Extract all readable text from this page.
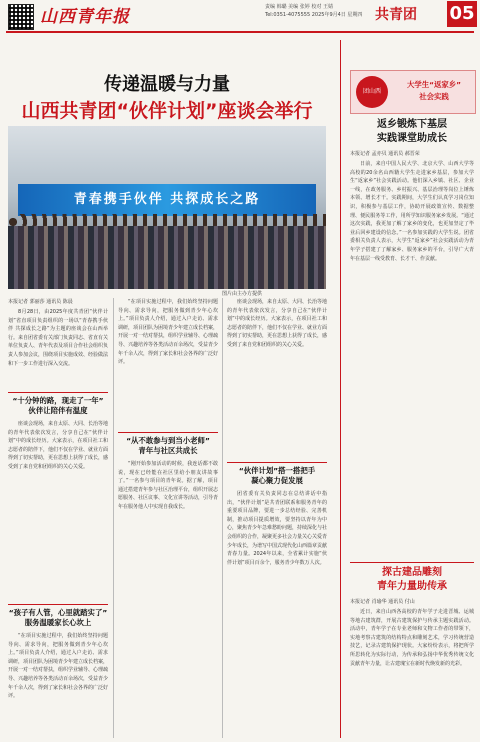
山西青年报	责编 韩璐 美编 张婷 校对 王婧
Tel:0351-4075555 2025年9月4日 星期四 共青团 05
传递温暖与力量
山西共青团“伙伴计划”座谈会举行
青春携手伙伴 共探成长之路
图片由主办方提供
本报记者 郭丽莎 通讯员 陈晨
8月28日，由2025年度共青团“伙伴计划”省直项目负责组织的一场以“青春携手伙伴 共探成长之路”为主题的座谈会在山西举行。来自团省委有关部门负责同志、省直有关单位负责人、青年代表及项目合作社会组织负责人参加会议，围绕项目实施成效、经验做法和下一步工作进行深入交流。
“十分钟的路，现走了一年”
伙伴让陪伴有温度
座谈会现场，来自太原、大同、长治等地的青年代表依次发言，分享自己在“伙伴计划”中的成长经历。大家表示，在项目社工和志愿者的陪伴下，他们不仅在学业、就业方面得到了切实帮助，更在思想上获得了成长，感受到了来自党和团组织的关心关爱。
“孩子有人管，心里就踏实了”
服务温暖家长心坎上
“在项目实施过程中，我们始终坚持问题导向、需求导向，把服务做到青少年心坎上。”项目负责人介绍，通过入户走访、需求调研，项目团队为困境青少年建立成长档案，开展一对一结对帮扶，组织学业辅导、心理疏导、兴趣培养等各类活动百余场次，受益青少年千余人次，得到了家长和社会各界的广泛好评。
“在项目实施过程中，我们始终坚持问题导向、需求导向，把服务做到青少年心坎上。”项目负责人介绍，通过入户走访、需求调研，项目团队为困境青少年建立成长档案，开展一对一结对帮扶，组织学业辅导、心理疏导、兴趣培养等各类活动百余场次，受益青少年千余人次，得到了家长和社会各界的广泛好评。
“从不敢参与到当小老师”
青年与社区共成长
“刚开始参加活动的时候，我连话都不敢说，现在已经能在社区里给小朋友讲故事了。”一名参与项目的青年说。据了解，项目通过搭建青年参与社区治理平台，组织开展志愿服务、社区议事、文化宣讲等活动，引导青年在服务他人中实现自我成长。
座谈会现场，来自太原、大同、长治等地的青年代表依次发言，分享自己在“伙伴计划”中的成长经历。大家表示，在项目社工和志愿者的陪伴下，他们不仅在学业、就业方面得到了切实帮助，更在思想上获得了成长，感受到了来自党和团组织的关心关爱。
“伙伴计划”搭一搭把手
凝心聚力促发展
团省委有关负责同志在总结讲话中指出，“伙伴计划”是共青团联系和服务青年的重要项目品牌，要进一步总结经验、完善机制，推动项目提质增效，要坚持以青年为中心，聚焦青少年急难愁盼问题，持续深化与社会组织的合作，凝聚更多社会力量关心关爱青少年成长，为谱写中国式现代化山西篇章贡献青春力量。2024年以来，全省累计实施“伙伴计划”项目百余个，服务青少年数万人次。
团山西
大学生“返家乡”
社会实践
返乡锻炼下基层
实践课堂助成长
本报记者 孟亦贝 通讯员 郝晋荣
日前，来自中国人民大学、北京大学、山西大学等高校的20余名山西籍大学生走进家乡基层，参加大学生“返家乡”社会实践活动。他们深入乡镇、社区、企业一线，在政务服务、乡村振兴、基层治理等岗位上锤炼本领、增长才干。实践期间，大学生们认真学习岗位知识，积极参与基层工作，协助开展政策宣传、数据整理、便民服务等工作，用所学知识服务家乡发展。“通过这次实践，我更加了解了家乡的变化，也更加坚定了毕业后回乡建设的信念。”一名参加实践的大学生说。团省委相关负责人表示，大学生“返家乡”社会实践活动为青年学子搭建了了解家乡、服务家乡的平台，引导广大青年在基层一线受教育、长才干、作贡献。
探古建品雕刻
青年力量助传承
本报记者 肖瑜华 通讯员 付山
近日，来自山西各高校的青年学子走进晋城、运城等地古建筑群，开展古建筑保护与传承主题实践活动。活动中，青年学子在专业老师和文物工作者的带领下，实地考察古建筑的结构特点和雕刻艺术，学习传统营造技艺，记录古建筑保护现状。大家纷纷表示，将把所学所思转化为实际行动，为传承和弘扬中华优秀传统文化贡献青年力量，让古建瑰宝在新时代焕发新的光彩。
